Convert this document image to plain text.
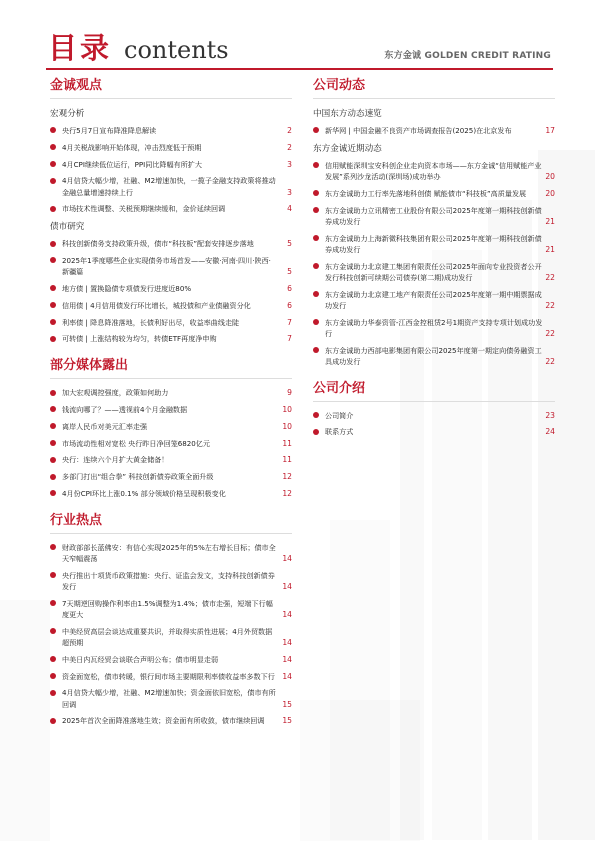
目录 contents	东方金诚 GOLDEN CREDIT RATING
金诚观点
宏观分析
央行5月7日宣布降准降息解读	2
4月关税战影响开始体现，冲击烈度低于预期	2
4月CPI继续低位运行，PPI同比降幅有所扩大	3
4月信贷大幅少增，社融、M2增速加快，一揽子金融支持政策将推动金融总量增速持续上行	3
市场技术性调整、关税预期继续缓和，金价延续回调	4
债市研究
科技创新债务支持政策升级，债市“科技板”配套安排逐步落地	5
2025年1季度哪些企业实现债务市场首发——安徽·河南·四川·陕西·新疆篇	5
地方债 | 置换隐债专项债发行进度近80%	6
信用债 | 4月信用债发行环比增长，城投债和产业债融资分化	6
利率债 | 降息降准落地，长债利好出尽，收益率曲线走陡	7
可转债 | 上涨结构较为均匀，转债ETF再度净申购	7
部分媒体露出
加大宏观调控强度，政策如何助力	9
钱流向哪了？——透视前4个月金融数据	10
离岸人民币对美元汇率走强	10
市场流动性相对宽松 央行昨日净回笼6820亿元	11
央行：连续六个月扩大黄金储备！	11
多部门打出“组合拳” 科技创新债券政策全面升级	12
4月份CPI环比上涨0.1% 部分领域价格呈现积极变化	12
行业热点
财政部部长蓝佛安：有信心实现2025年的5%左右增长目标；债市全天窄幅震荡	14
央行推出十项货币政策措施：央行、证监会发文，支持科技创新债券发行	14
7天期逆回购操作利率由1.5%调整为1.4%；债市走强，短端下行幅度更大	14
中美经贸高层会谈达成重要共识，并取得实质性进展；4月外贸数据超预期	14
中美日内瓦经贸会谈联合声明公布；债市明显走弱	14
资金面宽松，债市转暖，银行间市场主要期限利率债收益率多数下行 14
4月信贷大幅少增，社融、M2增速加快；资金面依旧宽松，债市有所回调	15
2025年首次全面降准落地生效；资金面有所收敛，债市继续回调	15
公司动态
中国东方动态速览
新华网 | 中国金融不良资产市场调查报告(2025)在北京发布	17
东方金诚近期动态
信用赋能深圳宝安科创企业走向资本市场——东方金诚“信用赋能产业发展”系列沙龙活动(深圳场)成功举办	20
东方金诚助力工行率先落地科创债 赋能债市“科技板”高质量发展	20
东方金诚助力立讯精密工业股份有限公司2025年度第一期科技创新债券成功发行	21
东方金诚助力上海新微科技集团有限公司2025年度第一期科技创新债券成功发行	21
东方金诚助力北京建工集团有限责任公司2025年面向专业投资者公开发行科技创新可续期公司债券(第二期)成功发行	22
东方金诚助力北京建工地产有限责任公司2025年度第一期中期票据成功发行	22
东方金诚助力华泰资管-江西金控租赁2号1期资产支持专项计划成功发行	22
东方金诚助力西部电影集团有限公司2025年度第一期定向债务融资工具成功发行	22
公司介绍
公司简介	23
联系方式	24
